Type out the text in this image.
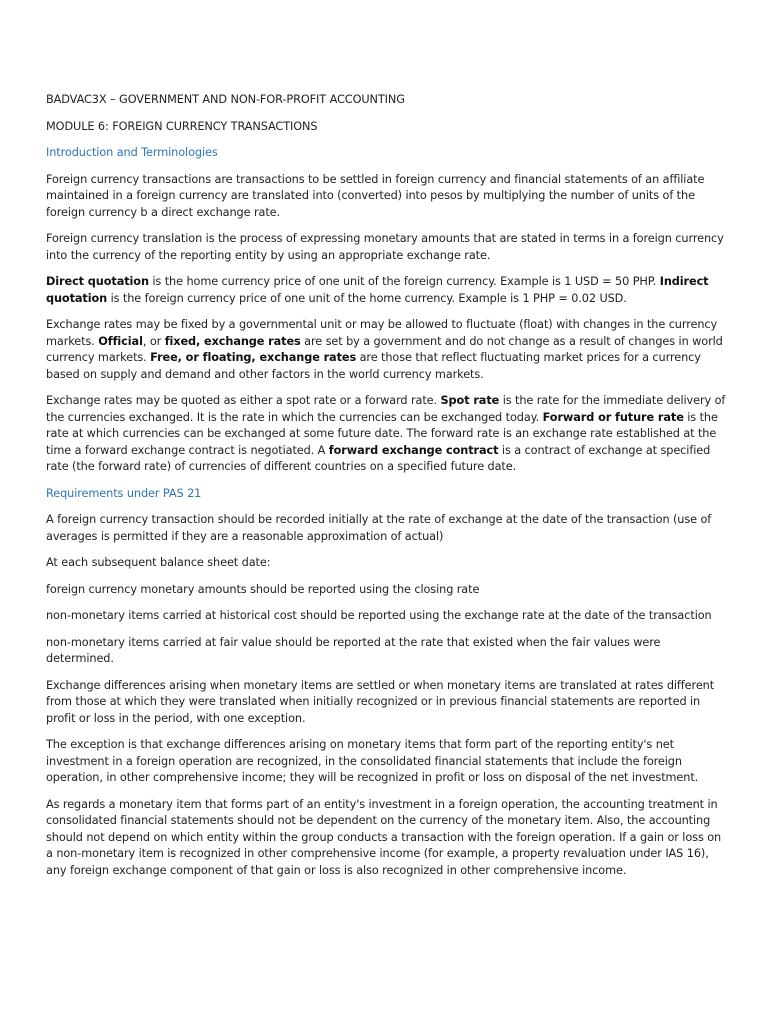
BADVAC3X – GOVERNMENT AND NON-FOR-PROFIT ACCOUNTING

MODULE 6: FOREIGN CURRENCY TRANSACTIONS

Introduction and Terminologies

Foreign currency transactions are transactions to be settled in foreign currency and financial statements of an affiliate maintained in a foreign currency are translated into (converted) into pesos by multiplying the number of units of the foreign currency b a direct exchange rate.

Foreign currency translation is the process of expressing monetary amounts that are stated in terms in a foreign currency into the currency of the reporting entity by using an appropriate exchange rate.

Direct quotation is the home currency price of one unit of the foreign currency. Example is 1 USD = 50 PHP. Indirect quotation is the foreign currency price of one unit of the home currency. Example is 1 PHP = 0.02 USD.

Exchange rates may be fixed by a governmental unit or may be allowed to fluctuate (float) with changes in the currency markets. Official, or fixed, exchange rates are set by a government and do not change as a result of changes in world currency markets. Free, or floating, exchange rates are those that reflect fluctuating market prices for a currency based on supply and demand and other factors in the world currency markets.

Exchange rates may be quoted as either a spot rate or a forward rate. Spot rate is the rate for the immediate delivery of the currencies exchanged. It is the rate in which the currencies can be exchanged today. Forward or future rate is the rate at which currencies can be exchanged at some future date. The forward rate is an exchange rate established at the time a forward exchange contract is negotiated. A forward exchange contract is a contract of exchange at specified rate (the forward rate) of currencies of different countries on a specified future date.

Requirements under PAS 21

A foreign currency transaction should be recorded initially at the rate of exchange at the date of the transaction (use of averages is permitted if they are a reasonable approximation of actual)

At each subsequent balance sheet date:

foreign currency monetary amounts should be reported using the closing rate

non-monetary items carried at historical cost should be reported using the exchange rate at the date of the transaction

non-monetary items carried at fair value should be reported at the rate that existed when the fair values were determined.

Exchange differences arising when monetary items are settled or when monetary items are translated at rates different from those at which they were translated when initially recognized or in previous financial statements are reported in profit or loss in the period, with one exception.

The exception is that exchange differences arising on monetary items that form part of the reporting entity's net investment in a foreign operation are recognized, in the consolidated financial statements that include the foreign operation, in other comprehensive income; they will be recognized in profit or loss on disposal of the net investment.

As regards a monetary item that forms part of an entity's investment in a foreign operation, the accounting treatment in consolidated financial statements should not be dependent on the currency of the monetary item. Also, the accounting should not depend on which entity within the group conducts a transaction with the foreign operation. If a gain or loss on a non-monetary item is recognized in other comprehensive income (for example, a property revaluation under IAS 16), any foreign exchange component of that gain or loss is also recognized in other comprehensive income.
